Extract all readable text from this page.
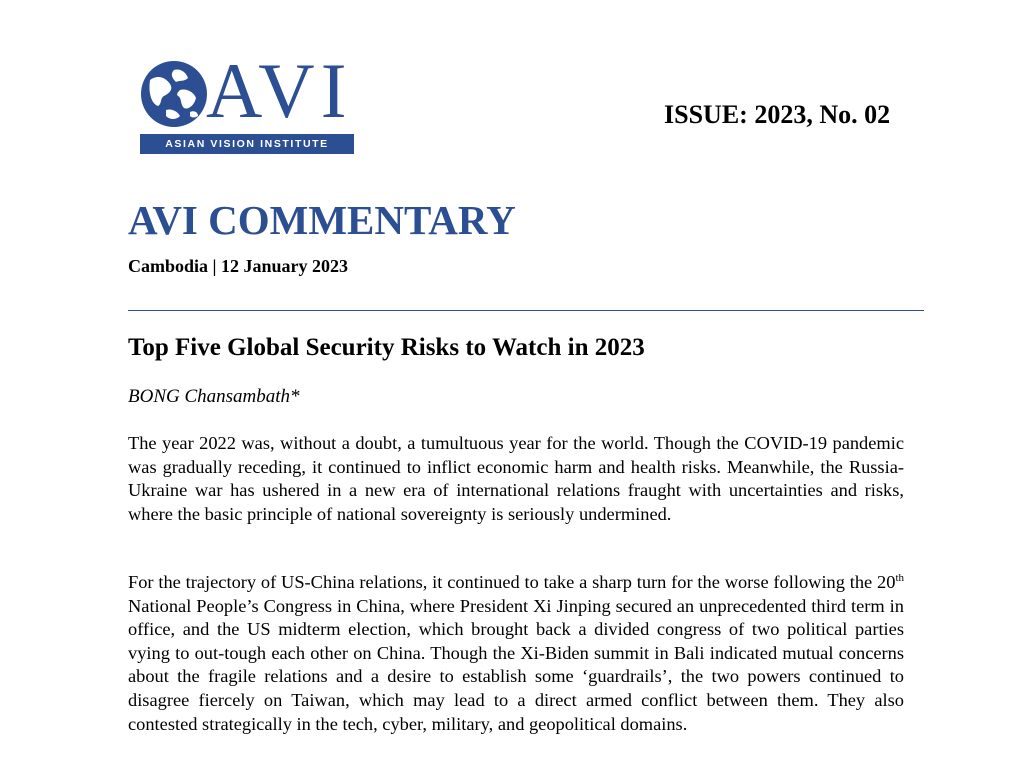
AVI
ASIAN VISION INSTITUTE
ISSUE: 2023, No. 02
AVI COMMENTARY
Cambodia | 12 January 2023
Top Five Global Security Risks to Watch in 2023
BONG Chansambath*

The year 2022 was, without a doubt, a tumultuous year for the world. Though the COVID-19 pandemic was gradually receding, it continued to inflict economic harm and health risks. Meanwhile, the Russia-Ukraine war has ushered in a new era of international relations fraught with uncertainties and risks, where the basic principle of national sovereignty is seriously undermined.

For the trajectory of US-China relations, it continued to take a sharp turn for the worse following the 20th National People’s Congress in China, where President Xi Jinping secured an unprecedented third term in office, and the US midterm election, which brought back a divided congress of two political parties vying to out-tough each other on China. Though the Xi-Biden summit in Bali indicated mutual concerns about the fragile relations and a desire to establish some ‘guardrails’, the two powers continued to disagree fiercely on Taiwan, which may lead to a direct armed conflict between them. They also contested strategically in the tech, cyber, military, and geopolitical domains.
